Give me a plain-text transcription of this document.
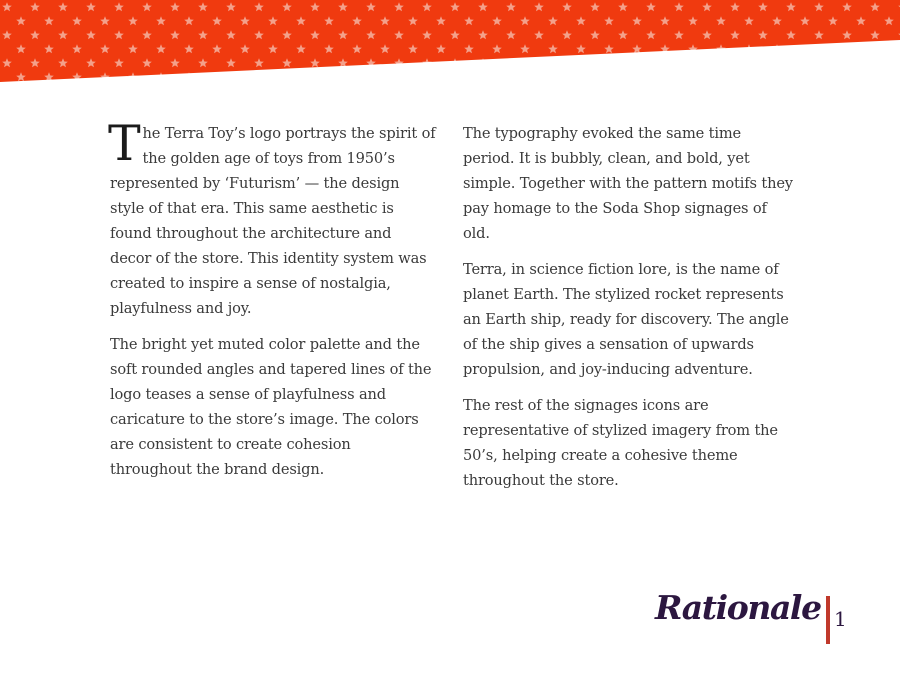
The Terra Toy’s logo portrays the spirit of the golden age of toys from 1950’s represented by ‘Futurism’ — the design style of that era. This same aesthetic is found throughout the architecture and decor of the store. This identity system was created to inspire a sense of nostalgia, playfulness and joy.

The bright yet muted color palette and the soft rounded angles and tapered lines of the logo teases a sense of playfulness and caricature to the store’s image. The colors are consistent to create cohesion throughout the brand design.

The typography evoked the same time period. It is bubbly, clean, and bold, yet simple. Together with the pattern motifs they pay homage to the Soda Shop signages of old.

Terra, in science fiction lore, is the name of planet Earth. The stylized rocket represents an Earth ship, ready for discovery. The angle of the ship gives a sensation of upwards propulsion, and joy-inducing adventure.

The rest of the signages icons are representative of stylized imagery from the 50’s, helping create a cohesive theme throughout the store.

Rationale 1
